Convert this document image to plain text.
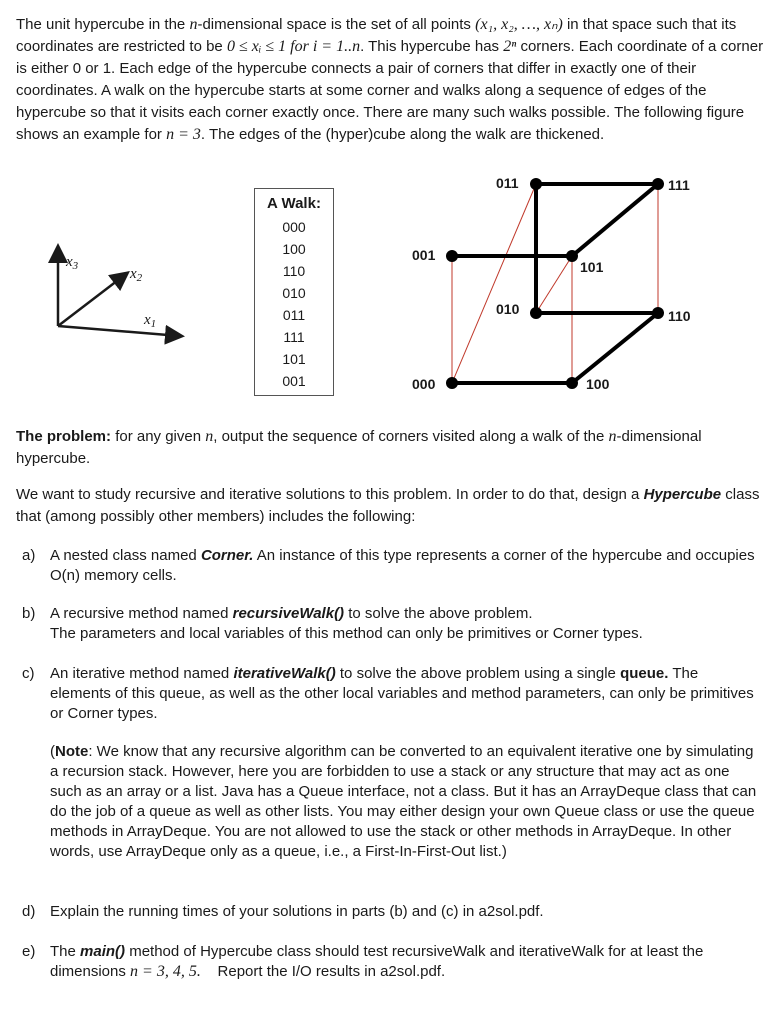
The unit hypercube in the n-dimensional space is the set of all points (x₁, x₂, …, xₙ) in that space such that its coordinates are restricted to be 0 ≤ xᵢ ≤ 1 for i = 1..n. This hypercube has 2ⁿ corners. Each coordinate of a corner is either 0 or 1. Each edge of the hypercube connects a pair of corners that differ in exactly one of their coordinates. A walk on the hypercube starts at some corner and walks along a sequence of edges of the hypercube so that it visits each corner exactly once. There are many such walks possible. The following figure shows an example for n = 3. The edges of the (hyper)cube along the walk are thickened.

$x_3$	$x_2$
$x_1$
A Walk:
000
100
110
010
011
111
101
001	000	100
010	110
001
101
011	111

The problem: for any given n, output the sequence of corners visited along a walk of the n-dimensional hypercube.

We want to study recursive and iterative solutions to this problem. In order to do that, design a Hypercube class that (among possibly other members) includes the following:

a) A nested class named Corner. An instance of this type represents a corner of the hypercube and occupies O(n) memory cells.
b) A recursive method named recursiveWalk() to solve the above problem.
The parameters and local variables of this method can only be primitives or Corner types.
c) An iterative method named iterativeWalk() to solve the above problem using a single queue. The elements of this queue, as well as the other local variables and method parameters, can only be primitives or Corner types.
(Note: We know that any recursive algorithm can be converted to an equivalent iterative one by simulating a recursion stack. However, here you are forbidden to use a stack or any structure that may act as one such as an array or a list. Java has a Queue interface, not a class. But it has an ArrayDeque class that can do the job of a queue as well as other lists. You may either design your own Queue class or use the queue methods in ArrayDeque. You are not allowed to use the stack or other methods in ArrayDeque. In other words, use ArrayDeque only as a queue, i.e., a First-In-First-Out list.)
d) Explain the running times of your solutions in parts (b) and (c) in a2sol.pdf.
e) The main() method of Hypercube class should test recursiveWalk and iterativeWalk for at least the dimensions n = 3, 4, 5. Report the I/O results in a2sol.pdf.
